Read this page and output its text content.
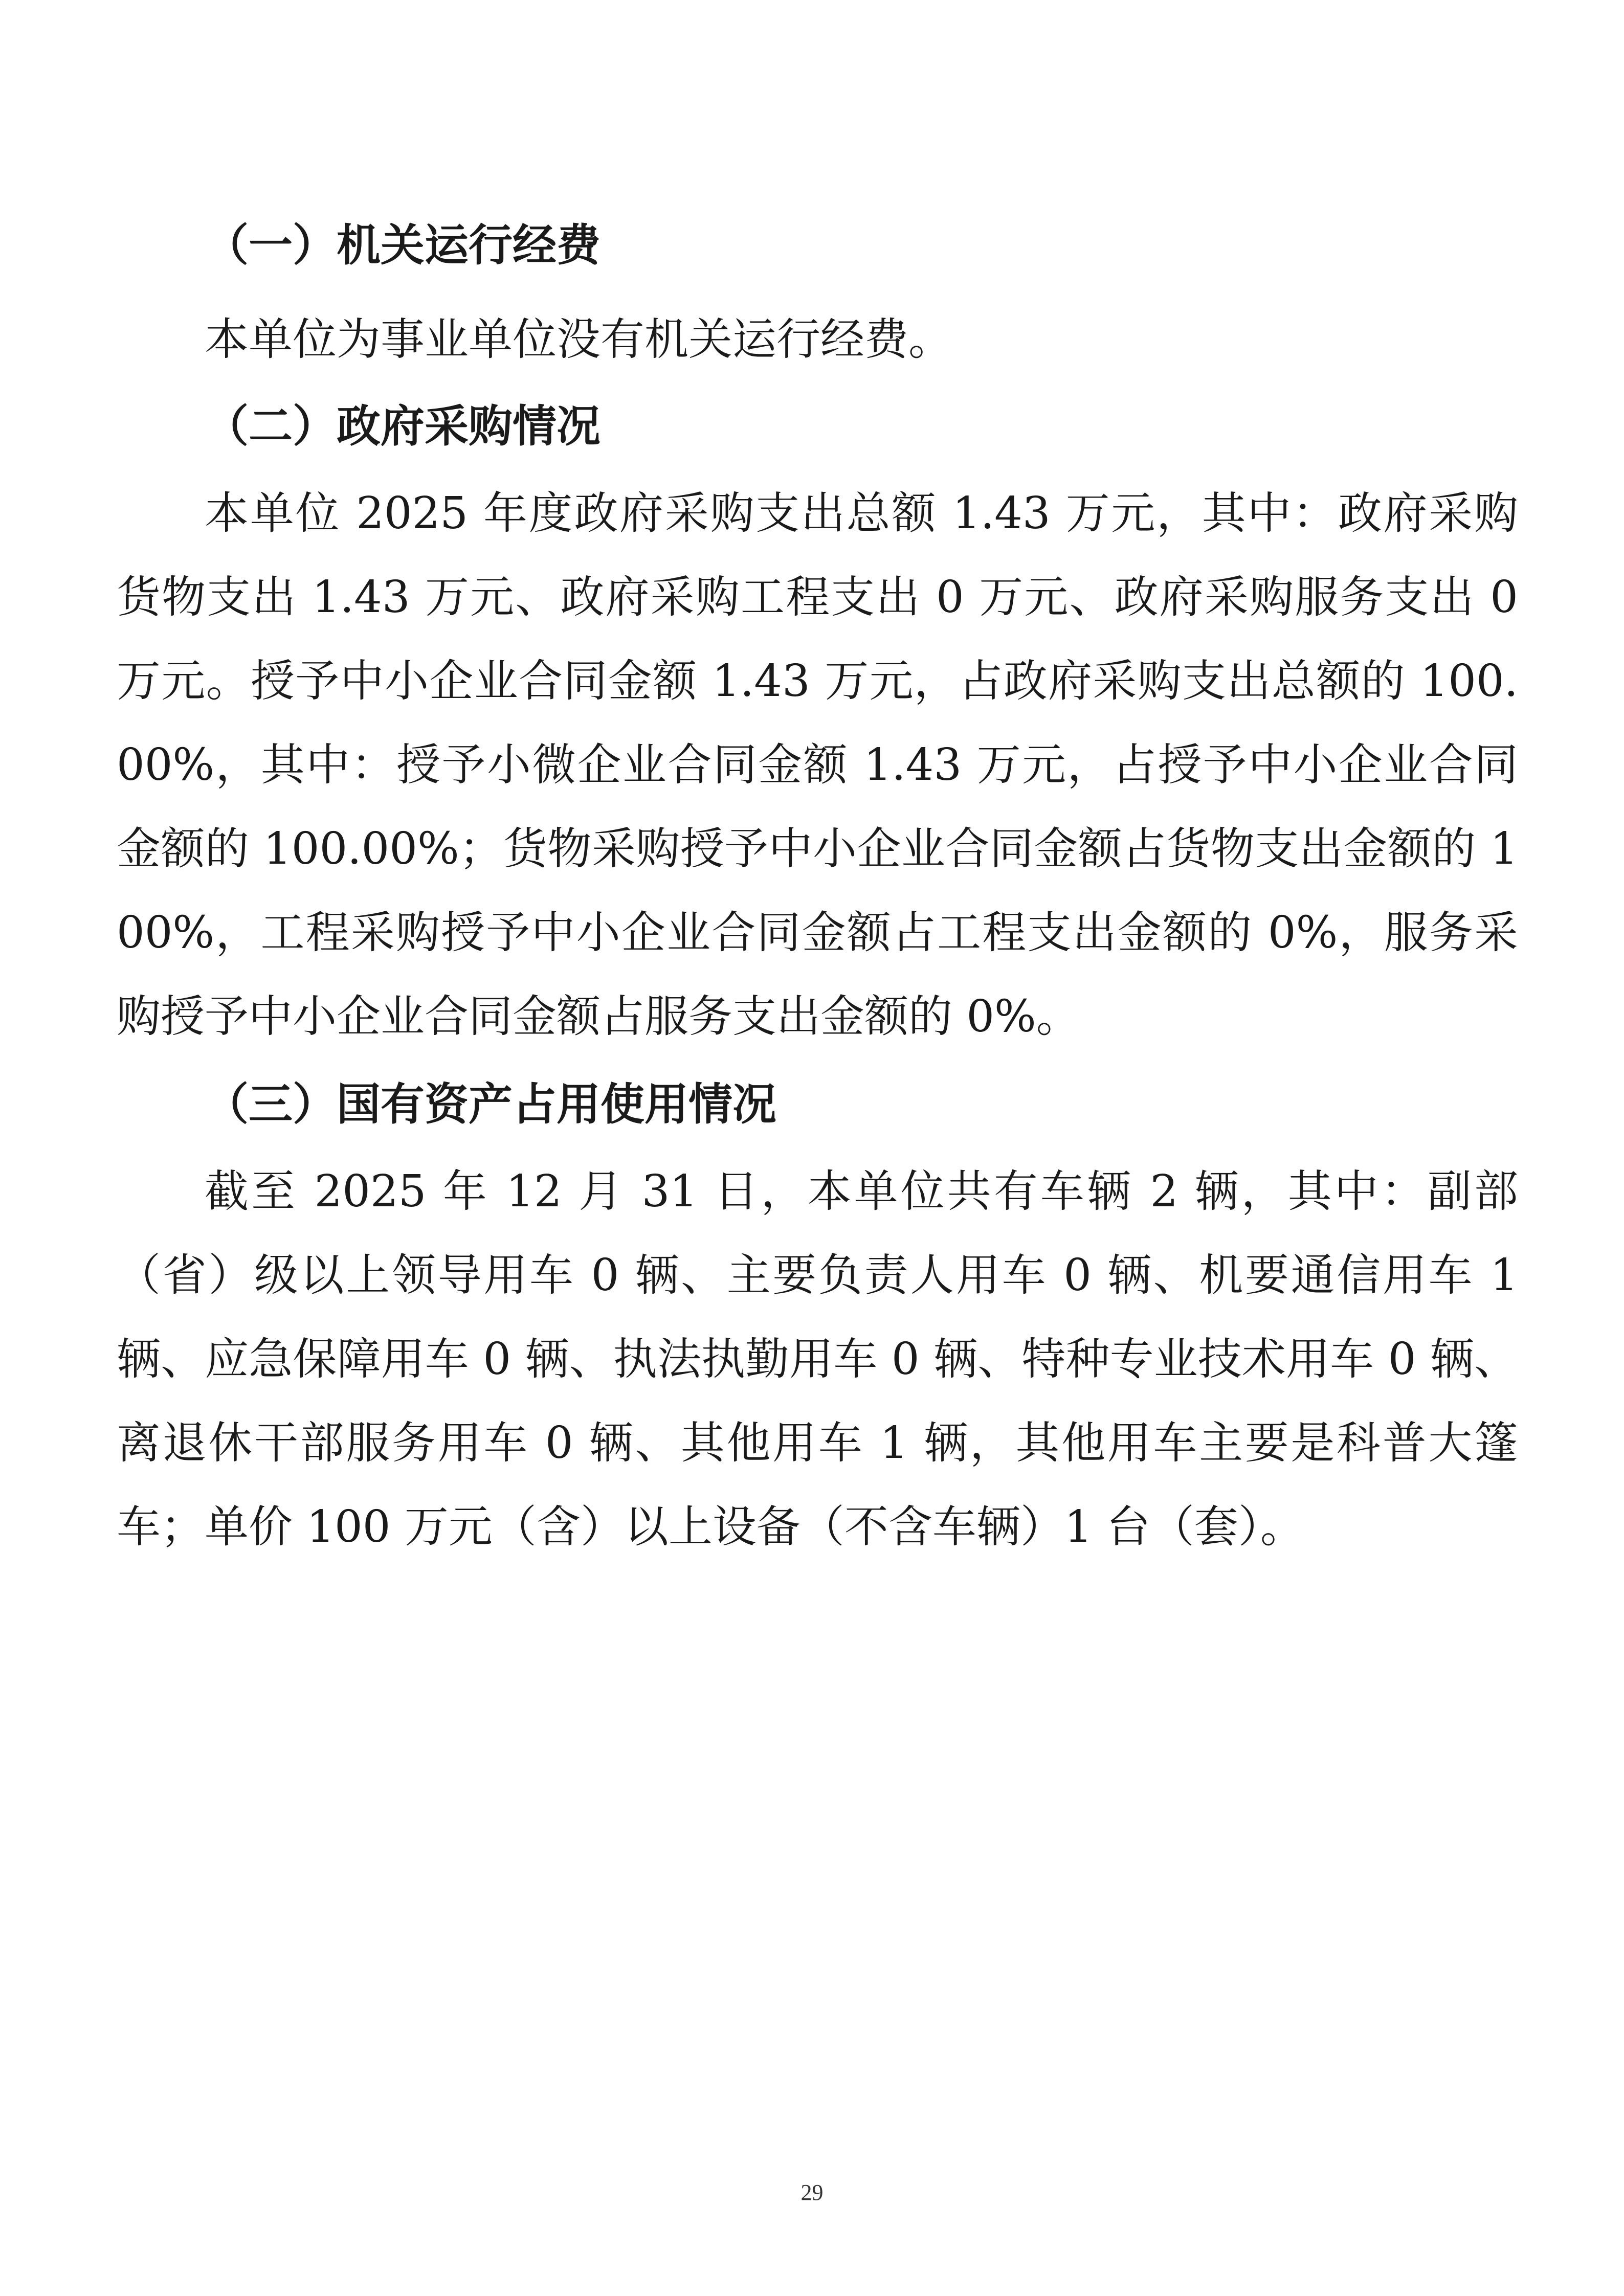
（一）机关运行经费

本单位为事业单位没有机关运行经费。

（二）政府采购情况

本单位 2025 年度政府采购支出总额 1.43 万元，其中：政府采购货物支出 1.43 万元、政府采购工程支出 0 万元、政府采购服务支出 0 万元。授予中小企业合同金额 1.43 万元，占政府采购支出总额的 100.00%，其中：授予小微企业合同金额 1.43 万元，占授予中小企业合同金额的 100.00%；货物采购授予中小企业合同金额占货物支出金额的 100%，工程采购授予中小企业合同金额占工程支出金额的 0%，服务采购授予中小企业合同金额占服务支出金额的 0%。

（三）国有资产占用使用情况

截至 2025 年 12 月 31 日，本单位共有车辆 2 辆，其中：副部（省）级以上领导用车 0 辆、主要负责人用车 0 辆、机要通信用车 1 辆、应急保障用车 0 辆、执法执勤用车 0 辆、特种专业技术用车 0 辆、离退休干部服务用车 0 辆、其他用车 1 辆，其他用车主要是科普大篷车；单价 100 万元（含）以上设备（不含车辆）1 台（套）。

29
